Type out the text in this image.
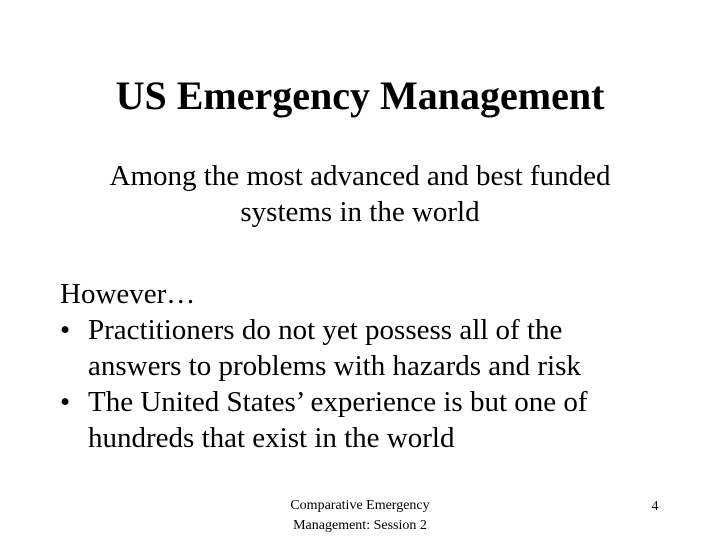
US Emergency Management
Among the most advanced and best funded
systems in the world
However…
• Practitioners do not yet possess all of the
answers to problems with hazards and risk
• The United States’ experience is but one of
hundreds that exist in the world
Comparative Emergency
Management: Session 2
4
